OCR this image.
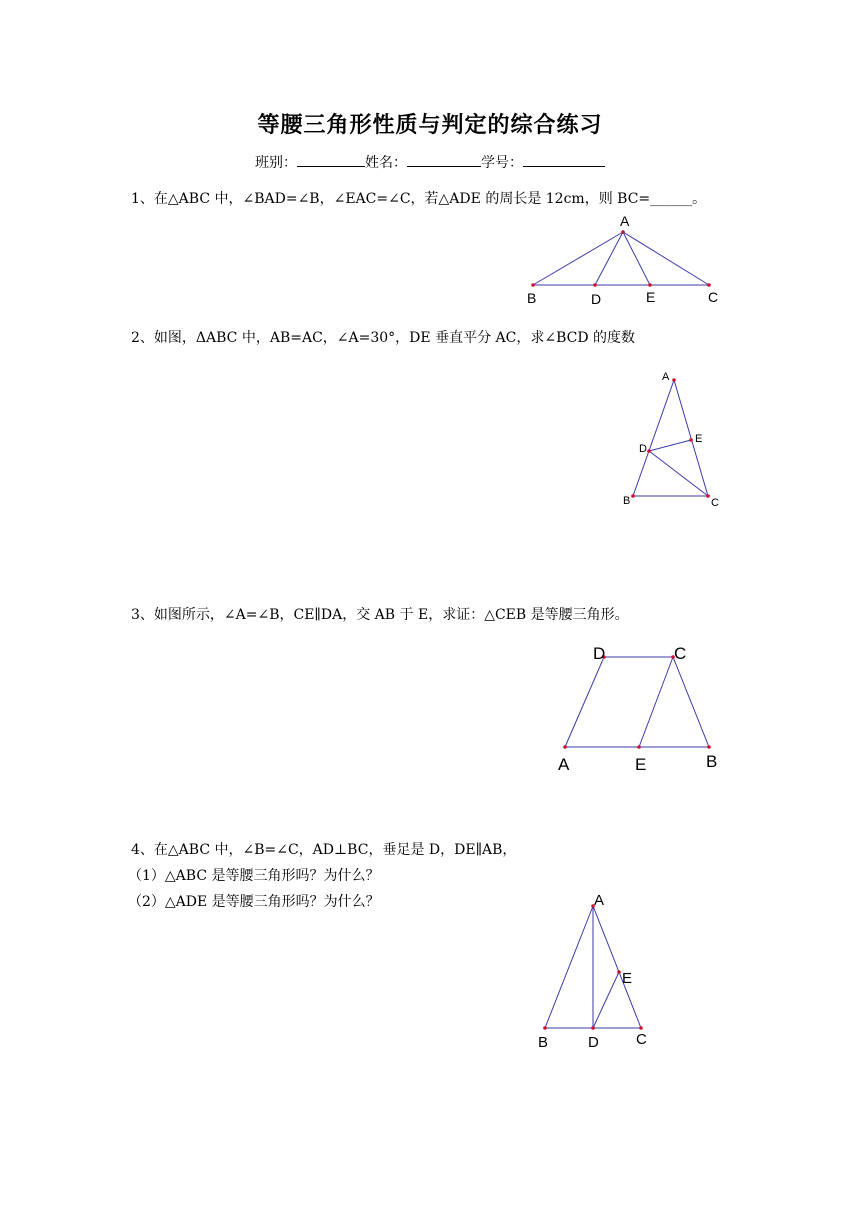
等腰三角形性质与判定的综合练习
班别：	姓名：	学号：
1、在△ABC 中，∠BAD=∠B，∠EAC=∠C，若△ADE 的周长是 12cm，则 BC=______。
A
B	D	E	C
A
E
D
B	C
D	C
A	E	B
A
E
B	D C
2、如图，ΔABC 中，AB=AC，∠A=30°，DE 垂直平分 AC，求∠BCD 的度数
3、如图所示，∠A=∠B，CE∥DA，交 AB 于 E，求证：△CEB 是等腰三角形。
4、在△ABC 中，∠B=∠C，AD⊥BC，垂足是 D，DE∥AB，
（1）△ABC 是等腰三角形吗？为什么？
（2）△ADE 是等腰三角形吗？为什么？
